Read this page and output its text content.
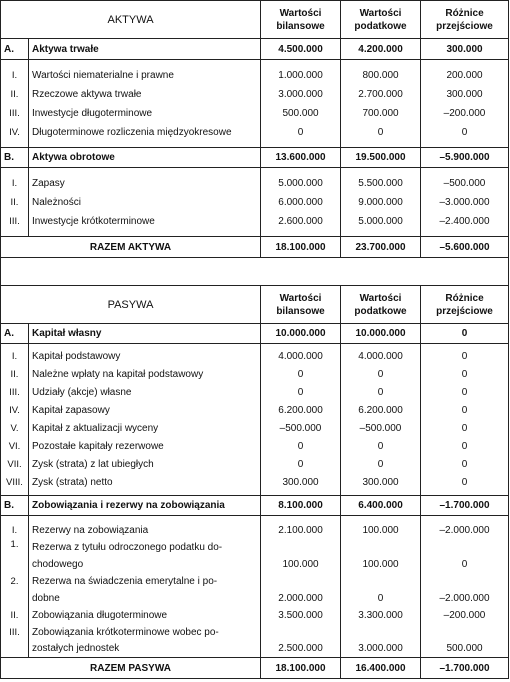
AKTYWA		Wartości bilansowe	Wartości podatkowe	Różnice przejściowe
A.	Aktywa trwałe	4.500.000	4.200.000	300.000

I.	Wartości niematerialne i prawne	1.000.000	800.000	200.000
II.	Rzeczowe aktywa trwałe	3.000.000	2.700.000	300.000
III.	Inwestycje długoterminowe	500.000	700.000	–200.000
IV.	Długoterminowe rozliczenia międzyokresowe	0	0	0

B.	Aktywa obrotowe	13.600.000	19.500.000	–5.900.000

I.	Zapasy	5.000.000	5.500.000	–500.000
II.	Należności	6.000.000	9.000.000	–3.000.000
III.	Inwestycje krótkoterminowe	2.600.000	5.000.000	–2.400.000

RAZEM AKTYWA		18.100.000	23.700.000	–5.600.000

PASYWA		Wartości bilansowe	Wartości podatkowe	Różnice przejściowe
A.	Kapitał własny	10.000.000	10.000.000	0

I.	Kapitał podstawowy	4.000.000	4.000.000	0
II.	Należne wpłaty na kapitał podstawowy	0	0	0
III.	Udziały (akcje) własne	0	0	0
IV.	Kapitał zapasowy	6.200.000	6.200.000	0
V.	Kapitał z aktualizacji wyceny	–500.000	–500.000	0
VI.	Pozostałe kapitały rezerwowe	0	0	0
VII.	Zysk (strata) z lat ubiegłych	0	0	0
VIII.	Zysk (strata) netto	300.000	300.000	0

B.	Zobowiązania i rezerwy na zobowiązania	8.100.000	6.400.000	–1.700.000

I.	Rezerwy na zobowiązania	2.100.000	100.000	–2.000.000
1.	Rezerwa z tytułu odroczonego podatku do-			
	chodowego	100.000	100.000	0
2.	Rezerwa na świadczenia emerytalne i po-			
	dobne	2.000.000	0	–2.000.000
II.	Zobowiązania długoterminowe	3.500.000	3.300.000	–200.000
III.	Zobowiązania krótkoterminowe wobec po-			
	zostałych jednostek	2.500.000	3.000.000	500.000
RAZEM PASYWA		18.100.000	16.400.000	–1.700.000
